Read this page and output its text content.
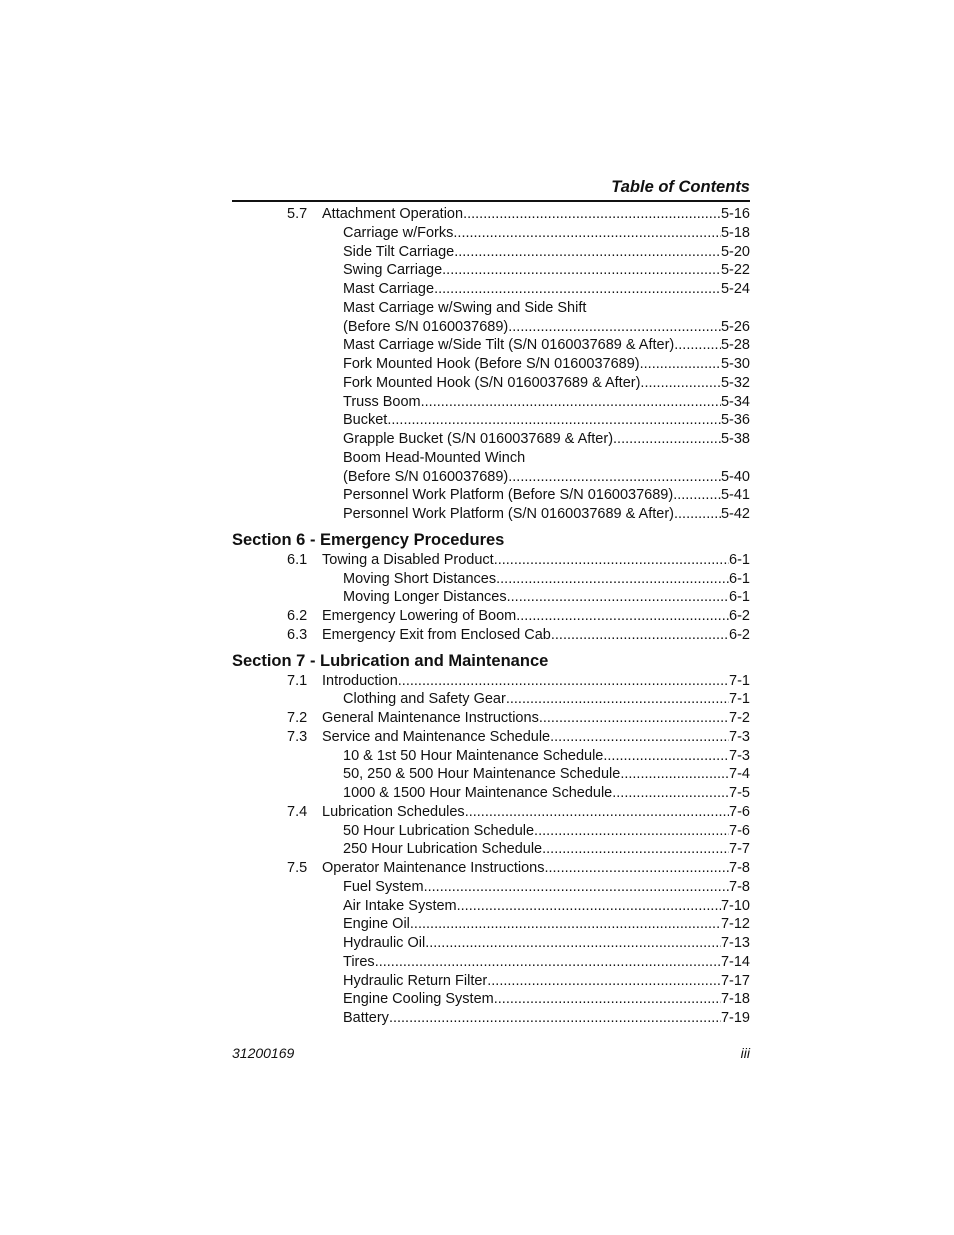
Table of Contents
5.7 Attachment Operation .....	5-16
Carriage w/Forks .....	5-18
Side Tilt Carriage .....	5-20
Swing Carriage .....	5-22
Mast Carriage .....	5-24
Mast Carriage w/Swing and Side Shift
(Before S/N 0160037689) .....	5-26
Mast Carriage w/Side Tilt (S/N 0160037689 & After) .....	5-28
Fork Mounted Hook (Before S/N 0160037689) .....	5-30
Fork Mounted Hook (S/N 0160037689 & After) .....	5-32
Truss Boom .....	5-34
Bucket .....	5-36
Grapple Bucket (S/N 0160037689 & After) .....	5-38
Boom Head-Mounted Winch
(Before S/N 0160037689) .....	5-40
Personnel Work Platform (Before S/N 0160037689) .....	5-41
Personnel Work Platform (S/N 0160037689 & After) .....	5-42
Section 6 - Emergency Procedures
6.1 Towing a Disabled Product .....	6-1
Moving Short Distances .....	6-1
Moving Longer Distances .....	6-1
6.2 Emergency Lowering of Boom .....	6-2
6.3 Emergency Exit from Enclosed Cab .....	6-2
Section 7 - Lubrication and Maintenance
7.1 Introduction .....	7-1
Clothing and Safety Gear .....	7-1
7.2 General Maintenance Instructions .....	7-2
7.3 Service and Maintenance Schedule .....	7-3
10 & 1st 50 Hour Maintenance Schedule .....	7-3
50, 250 & 500 Hour Maintenance Schedule .....	7-4
1000 & 1500 Hour Maintenance Schedule .....	7-5
7.4 Lubrication Schedules .....	7-6
50 Hour Lubrication Schedule .....	7-6
250 Hour Lubrication Schedule .....	7-7
7.5 Operator Maintenance Instructions .....	7-8
Fuel System .....	7-8
Air Intake System .....	7-10
Engine Oil .....	7-12
Hydraulic Oil .....	7-13
Tires .....	7-14
Hydraulic Return Filter .....	7-17
Engine Cooling System .....	7-18
Battery .....	7-19
31200169	iii
